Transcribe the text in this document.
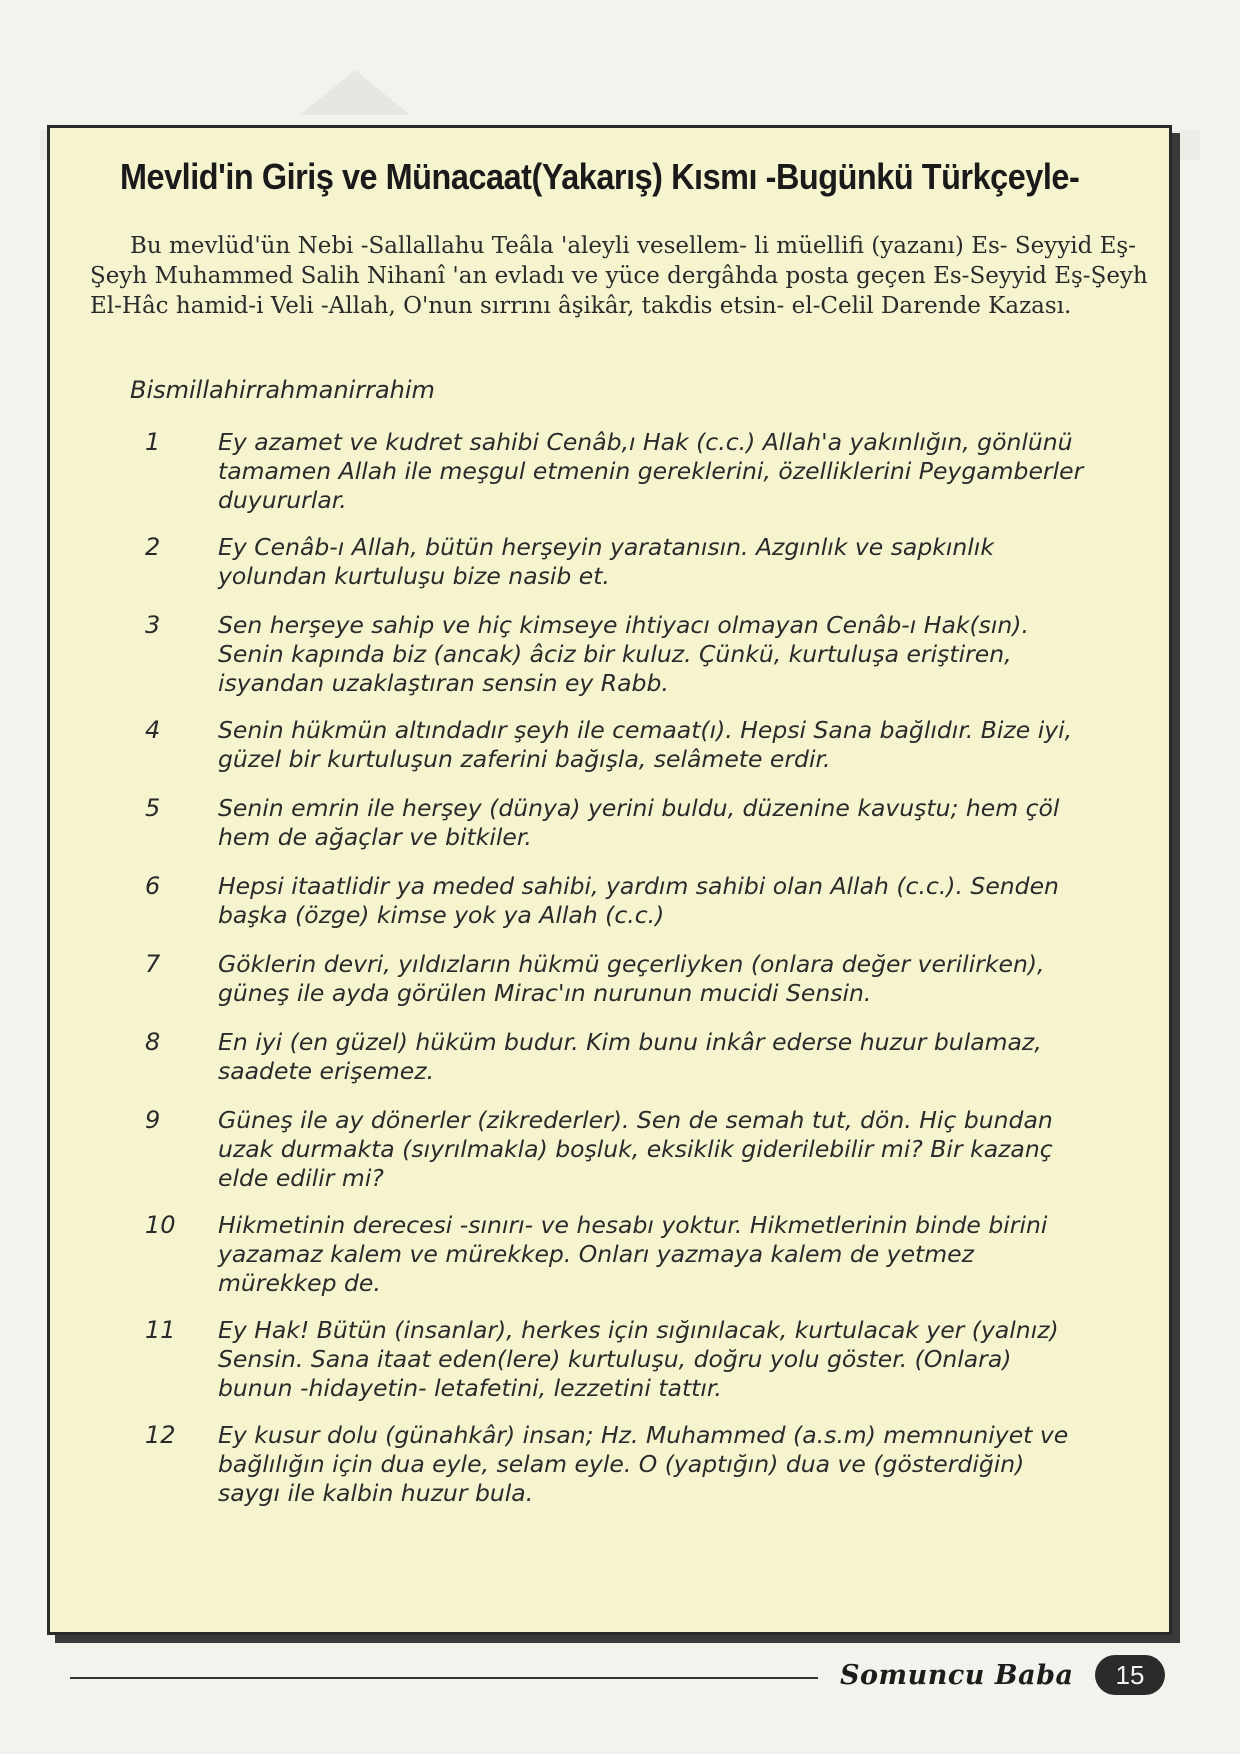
Mevlid'in Giriş ve Münacaat(Yakarış) Kısmı -Bugünkü Türkçeyle-

Bu mevlüd'ün Nebi -Sallallahu Teâla 'aleyli vesellem- li müellifi (yazanı) Es- Seyyid Eş-Şeyh Muhammed Salih Nihanî 'an evladı ve yüce dergâhda posta geçen Es-Seyyid Eş-Şeyh El-Hâc hamid-i Veli -Allah, O'nun sırrını âşikâr, takdis etsin- el-Celil Darende Kazası.

Bismillahirrahmanirrahim
1	Ey azamet ve kudret sahibi Cenâb,ı Hak (c.c.) Allah'a yakınlığın, gönlünü tamamen Allah ile meşgul etmenin gereklerini, özelliklerini Peygamberler duyururlar.
2	Ey Cenâb-ı Allah, bütün herşeyin yaratanısın. Azgınlık ve sapkınlık yolundan kurtuluşu bize nasib et.
3	Sen herşeye sahip ve hiç kimseye ihtiyacı olmayan Cenâb-ı Hak(sın). Senin kapında biz (ancak) âciz bir kuluz. Çünkü, kurtuluşa eriştiren, isyandan uzaklaştıran sensin ey Rabb.
4	Senin hükmün altındadır şeyh ile cemaat(ı). Hepsi Sana bağlıdır. Bize iyi, güzel bir kurtuluşun zaferini bağışla, selâmete erdir.
5	Senin emrin ile herşey (dünya) yerini buldu, düzenine kavuştu; hem çöl hem de ağaçlar ve bitkiler.
6	Hepsi itaatlidir ya meded sahibi, yardım sahibi olan Allah (c.c.). Senden başka (özge) kimse yok ya Allah (c.c.)
7	Göklerin devri, yıldızların hükmü geçerliyken (onlara değer verilirken), güneş ile ayda görülen Mirac'ın nurunun mucidi Sensin.
8	En iyi (en güzel) hüküm budur. Kim bunu inkâr ederse huzur bulamaz, saadete erişemez.
9	Güneş ile ay dönerler (zikrederler). Sen de semah tut, dön. Hiç bundan uzak durmakta (sıyrılmakla) boşluk, eksiklik giderilebilir mi? Bir kazanç elde edilir mi?
10	Hikmetinin derecesi -sınırı- ve hesabı yoktur. Hikmetlerinin binde birini yazamaz kalem ve mürekkep. Onları yazmaya kalem de yetmez mürekkep de.
11	Ey Hak! Bütün (insanlar), herkes için sığınılacak, kurtulacak yer (yalnız) Sensin. Sana itaat eden(lere) kurtuluşu, doğru yolu göster. (Onlara) bunun -hidayetin- letafetini, lezzetini tattır.
12	Ey kusur dolu (günahkâr) insan; Hz. Muhammed (a.s.m) memnuniyet ve bağlılığın için dua eyle, selam eyle. O (yaptığın) dua ve (gösterdiğin) saygı ile kalbin huzur bula.
Somuncu Baba	15
